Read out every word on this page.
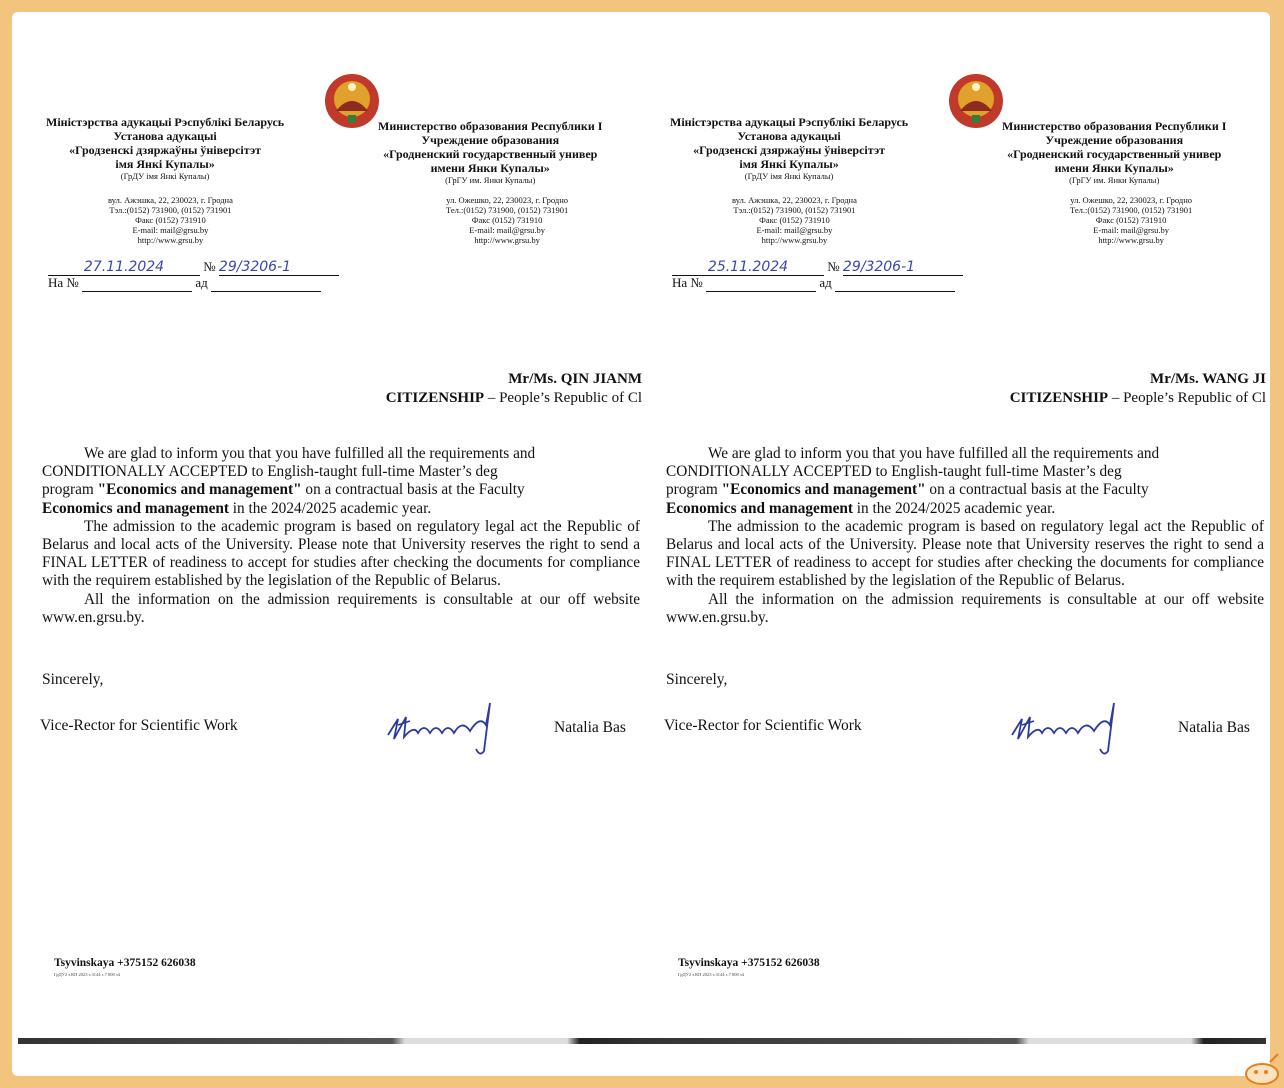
Міністэрства адукацыі Рэспублікі Беларусь
Установа адукацыі
«Гродзенскі дзяржаўны ўніверсітэт
імя Янкі Купалы»
(ГрДУ імя Янкі Купалы)
вул. Ажэшка, 22, 230023, г. Гродна
Тэл.:(0152) 731900, (0152) 731901
Факс (0152) 731910
E-mail: mail@grsu.by
http://www.grsu.by
Министерство образования Республики I
Учреждение образования
«Гродненский государственный универ
имени Янки Купалы»
(ГрГУ им. Янки Купалы)
ул. Ожешко, 22, 230023, г. Гродно
Тел.:(0152) 731900, (0152) 731901
Факс (0152) 731910
E-mail: mail@grsu.by
http://www.grsu.by
27.11.2024	№ 29/3206-1
На №	ад
Mr/Ms. QIN JIANM
CITIZENSHIP – People’s Republic of Cl

We are glad to inform you that you have fulfilled all the requirements and

CONDITIONALLY ACCEPTED to English-taught full-time Master’s deg

program "Economics and management" on a contractual basis at the Faculty

Economics and management in the 2024/2025 academic year.

The admission to the academic program is based on regulatory legal act the Republic of Belarus and local acts of the University. Please note that University reserves the right to send a FINAL LETTER of readiness to accept for studies after checking the documents for compliance with the requirem established by the legislation of the Republic of Belarus.

All the information on the admission requirements is consultable at our off website www.en.grsu.by.

Sincerely,
Vice-Rector for Scientific Work	Natalia Bas
Tsyvinskaya +375152 626038
ГрДУ2 з.КП 2023 з.3144 з.7 000 з4
Міністэрства адукацыі Рэспублікі Беларусь
Установа адукацыі
«Гродзенскі дзяржаўны ўніверсітэт
імя Янкі Купалы»
(ГрДУ імя Янкі Купалы)
вул. Ажэшка, 22, 230023, г. Гродна
Тэл.:(0152) 731900, (0152) 731901
Факс (0152) 731910
E-mail: mail@grsu.by
http://www.grsu.by
Министерство образования Республики I
Учреждение образования
«Гродненский государственный универ
имени Янки Купалы»
(ГрГУ им. Янки Купалы)
ул. Ожешко, 22, 230023, г. Гродно
Тел.:(0152) 731900, (0152) 731901
Факс (0152) 731910
E-mail: mail@grsu.by
http://www.grsu.by
25.11.2024	№ 29/3206-1
На №	ад
Mr/Ms. WANG JI
CITIZENSHIP – People’s Republic of Cl

We are glad to inform you that you have fulfilled all the requirements and

CONDITIONALLY ACCEPTED to English-taught full-time Master’s deg

program "Economics and management" on a contractual basis at the Faculty

Economics and management in the 2024/2025 academic year.

The admission to the academic program is based on regulatory legal act the Republic of Belarus and local acts of the University. Please note that University reserves the right to send a FINAL LETTER of readiness to accept for studies after checking the documents for compliance with the requirem established by the legislation of the Republic of Belarus.

All the information on the admission requirements is consultable at our off website www.en.grsu.by.

Sincerely,
Vice-Rector for Scientific Work	Natalia Bas
Tsyvinskaya +375152 626038
ГрДУ2 з.КП 2023 з.3144 з.7 000 з4
